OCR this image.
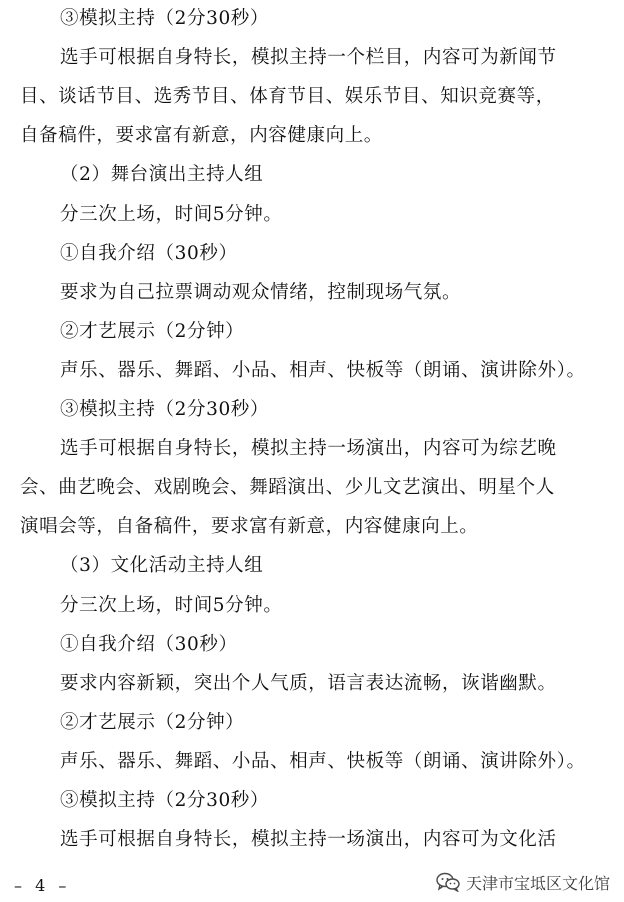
③模拟主持（2分30秒）
选手可根据自身特长，模拟主持一个栏目，内容可为新闻节
目、谈话节目、选秀节目、体育节目、娱乐节目、知识竞赛等，
自备稿件，要求富有新意，内容健康向上。
（2）舞台演出主持人组
分三次上场，时间5分钟。
①自我介绍（30秒）
要求为自己拉票调动观众情绪，控制现场气氛。
②才艺展示（2分钟）
声乐、器乐、舞蹈、小品、相声、快板等（朗诵、演讲除外）。
③模拟主持（2分30秒）
选手可根据自身特长，模拟主持一场演出，内容可为综艺晚
会、曲艺晚会、戏剧晚会、舞蹈演出、少儿文艺演出、明星个人
演唱会等，自备稿件，要求富有新意，内容健康向上。
（3）文化活动主持人组
分三次上场，时间5分钟。
①自我介绍（30秒）
要求内容新颖，突出个人气质，语言表达流畅，诙谐幽默。
②才艺展示（2分钟）
声乐、器乐、舞蹈、小品、相声、快板等（朗诵、演讲除外）。
③模拟主持（2分30秒）
选手可根据自身特长，模拟主持一场演出，内容可为文化活
– 4 –	天津市宝坻区文化馆
